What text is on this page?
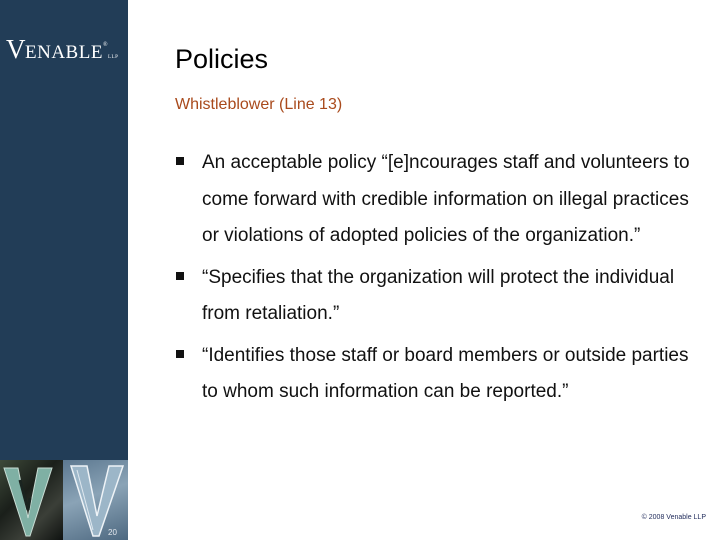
VENABLE®LLP
20
Policies
Whistleblower (Line 13)
An acceptable policy “[e]ncourages staff and volunteers to come forward with credible information on illegal practices or violations of adopted policies of the organization.”
“Specifies that the organization will protect the individual from retaliation.”
“Identifies those staff or board members or outside parties to whom such information can be reported.”
© 2008 Venable LLP
